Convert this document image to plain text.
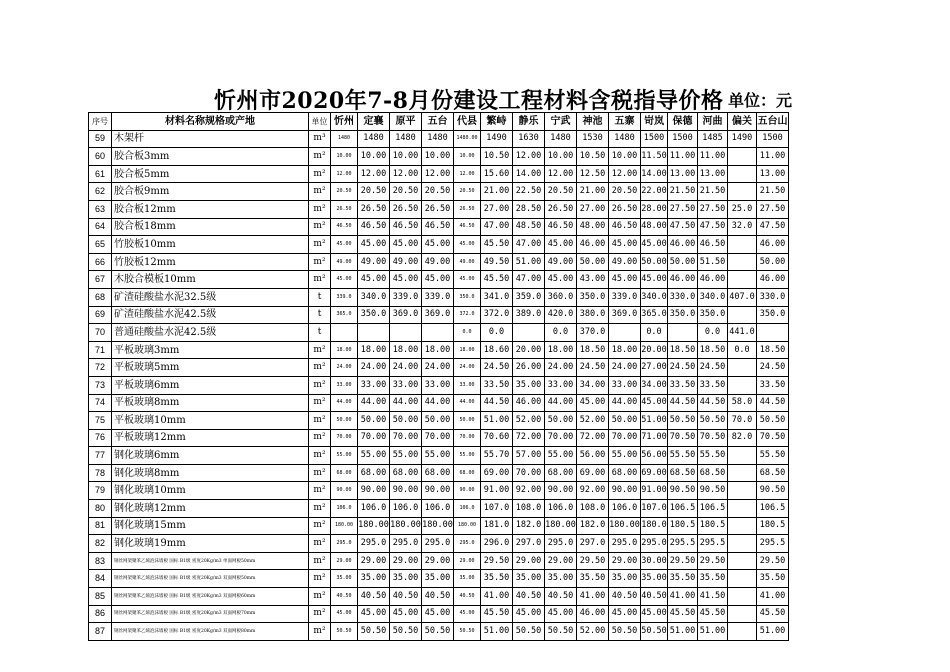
忻州市2020年7-8月份建设工程材料含税指导价格 单位：元
序号	材料名称规格或产地	单位	忻州	定襄	原平	五台	代县	繁峙	静乐	宁武	神池	五寨	岢岚	保德	河曲	偏关	五台山
59	木架杆	m³	1480	1480	1480	1480	1480.00	1490	1630	1480	1530	1480	1500	1500	1485	1490	1500
60	胶合板3mm	m²	10.00	10.00	10.00	10.00	10.00	10.50	12.00	10.00	10.50	10.00	11.50	11.00	11.00		11.00
61	胶合板5mm	m²	12.00	12.00	12.00	12.00	12.00	15.60	14.00	12.00	12.50	12.00	14.00	13.00	13.00		13.00
62	胶合板9mm	m²	20.50	20.50	20.50	20.50	20.50	21.00	22.50	20.50	21.00	20.50	22.00	21.50	21.50		21.50
63	胶合板12mm	m²	26.50	26.50	26.50	26.50	26.50	27.00	28.50	26.50	27.00	26.50	28.00	27.50	27.50	25.0	27.50
64	胶合板18mm	m²	46.50	46.50	46.50	46.50	46.50	47.00	48.50	46.50	48.00	46.50	48.00	47.50	47.50	32.0	47.50
65	竹胶板10mm	m²	45.00	45.00	45.00	45.00	45.00	45.50	47.00	45.00	46.00	45.00	45.00	46.00	46.50		46.00
66	竹胶板12mm	m²	49.00	49.00	49.00	49.00	49.00	49.50	51.00	49.00	50.00	49.00	50.00	50.00	51.50		50.00
67	木胶合模板10mm	m²	45.00	45.00	45.00	45.00	45.00	45.50	47.00	45.00	43.00	45.00	45.00	46.00	46.00		46.00
68	矿渣硅酸盐水泥32.5级	t	339.0	340.0	339.0	339.0	350.0	341.0	359.0	360.0	350.0	339.0	340.0	330.0	340.0	407.0	330.0
69	矿渣硅酸盐水泥42.5级	t	365.0	350.0	369.0	369.0	372.0	372.0	389.0	420.0	380.0	369.0	365.0	350.0	350.0		350.0
70	普通硅酸盐水泥42.5级	t					0.0	0.0		0.0	370.0		0.0		0.0	441.0	
71	平板玻璃3mm	m²	18.00	18.00	18.00	18.00	18.00	18.60	20.00	18.00	18.50	18.00	20.00	18.50	18.50	0.0	18.50
72	平板玻璃5mm	m²	24.00	24.00	24.00	24.00	24.00	24.50	26.00	24.00	24.50	24.00	27.00	24.50	24.50		24.50
73	平板玻璃6mm	m²	33.00	33.00	33.00	33.00	33.00	33.50	35.00	33.00	34.00	33.00	34.00	33.50	33.50		33.50
74	平板玻璃8mm	m²	44.00	44.00	44.00	44.00	44.00	44.50	46.00	44.00	45.00	44.00	45.00	44.50	44.50	58.0	44.50
75	平板玻璃10mm	m²	50.00	50.00	50.00	50.00	50.00	51.00	52.00	50.00	52.00	50.00	51.00	50.50	50.50	70.0	50.50
76	平板玻璃12mm	m²	70.00	70.00	70.00	70.00	70.00	70.60	72.00	70.00	72.00	70.00	71.00	70.50	70.50	82.0	70.50
77	钢化玻璃6mm	m²	55.00	55.00	55.00	55.00	55.00	55.70	57.00	55.00	56.00	55.00	56.00	55.50	55.50		55.50
78	钢化玻璃8mm	m²	68.00	68.00	68.00	68.00	68.00	69.00	70.00	68.00	69.00	68.00	69.00	68.50	68.50		68.50
79	钢化玻璃10mm	m²	90.00	90.00	90.00	90.00	90.00	91.00	92.00	90.00	92.00	90.00	91.00	90.50	90.50		90.50
80	钢化玻璃12mm	m²	106.0	106.0	106.0	106.0	106.0	107.0	108.0	106.0	108.0	106.0	107.0	106.5	106.5		106.5
81	钢化玻璃15mm	m²	180.00	180.00	180.00	180.00	180.00	181.0	182.0	180.00	182.0	180.00	180.0	180.5	180.5		180.5
82	钢化玻璃19mm	m²	295.0	295.0	295.0	295.0	295.0	296.0	297.0	295.0	297.0	295.0	295.0	295.5	295.5		295.5
83	钢丝网架聚苯乙烯泡沫墙板 国标 B1级 密度20Kg/m3 单面网板50mm	m²	29.00	29.00	29.00	29.00	29.00	29.50	29.00	29.00	29.50	29.00	30.00	29.50	29.50		29.50
84	钢丝网架聚苯乙烯泡沫墙板 国标 B1级 密度20Kg/m3 双面网板50mm	m²	35.00	35.00	35.00	35.00	35.00	35.50	35.00	35.00	35.50	35.00	35.00	35.50	35.50		35.50
85	钢丝网架聚苯乙烯泡沫墙板 国标 B1级 密度20Kg/m3 双面网板60mm	m²	40.50	40.50	40.50	40.50	40.50	41.00	40.50	40.50	41.00	40.50	40.50	41.00	41.50		41.00
86	钢丝网架聚苯乙烯泡沫墙板 国标 B1级 密度20Kg/m3 双面网板70mm	m²	45.00	45.00	45.00	45.00	45.00	45.50	45.00	45.00	46.00	45.00	45.00	45.50	45.50		45.50
87	钢丝网架聚苯乙烯泡沫墙板 国标 B1级 密度20Kg/m3 双面网板80mm	m²	50.50	50.50	50.50	50.50	50.50	51.00	50.50	50.50	52.00	50.50	50.50	51.00	51.00		51.00
